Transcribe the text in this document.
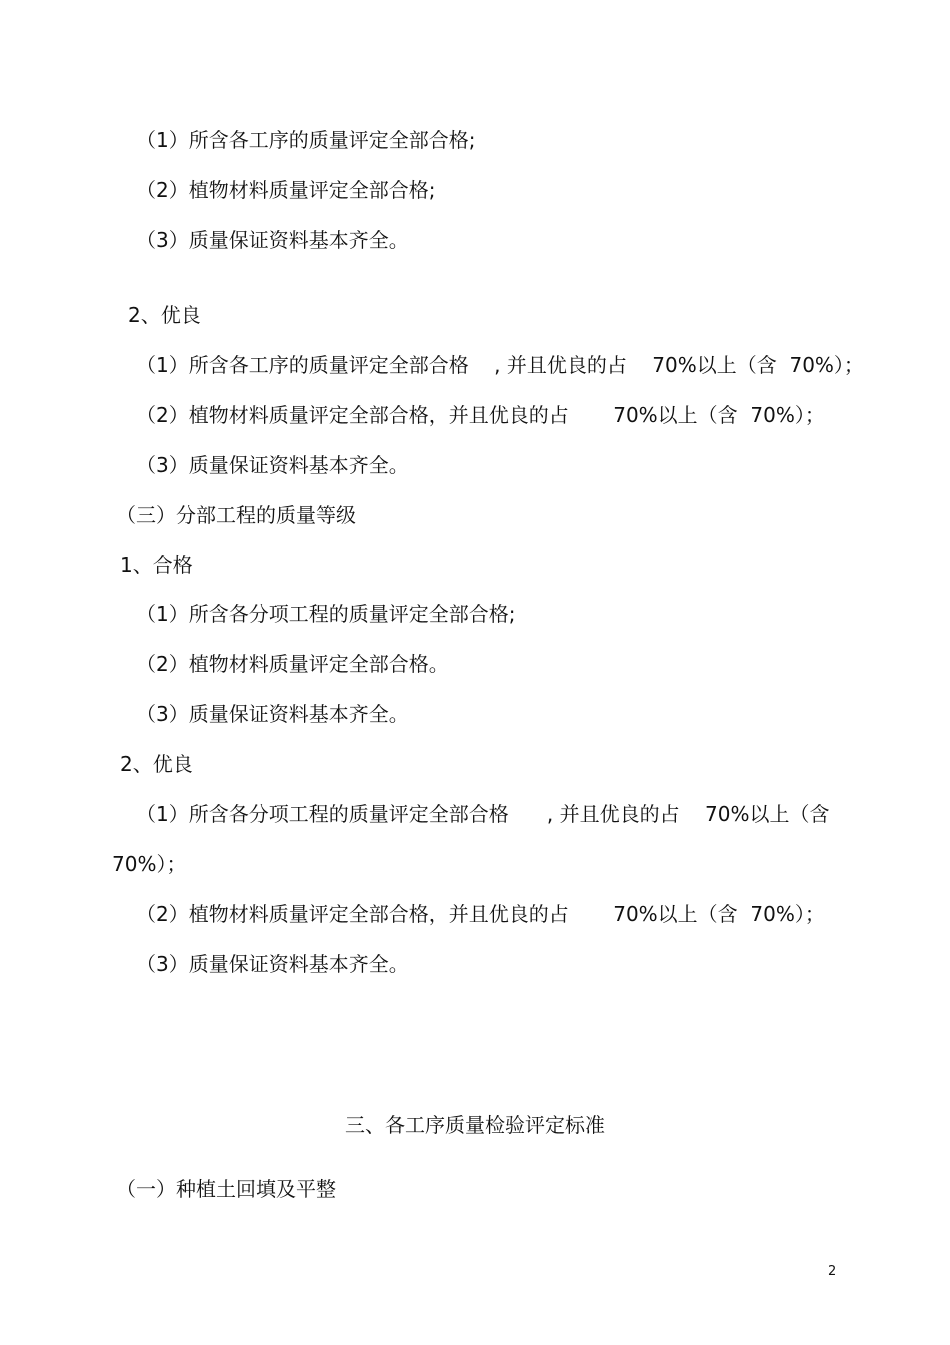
（1）所含各工序的质量评定全部合格;
（2）植物材料质量评定全部合格;
（3）质量保证资料基本齐全。
2、优良
（1）所含各工序的质量评定全部合格    , 并且优良的占    70%以上（含  70%）；
（2）植物材料质量评定全部合格，并且优良的占       70%以上（含  70%）；
（3）质量保证资料基本齐全。
（三）分部工程的质量等级
1、合格
（1）所含各分项工程的质量评定全部合格;
（2）植物材料质量评定全部合格。
（3）质量保证资料基本齐全。
2、优良
（1）所含各分项工程的质量评定全部合格      , 并且优良的占    70%以上（含
70%）；
（2）植物材料质量评定全部合格，并且优良的占       70%以上（含  70%）；
（3）质量保证资料基本齐全。
三、各工序质量检验评定标准
（一）种植土回填及平整
2
